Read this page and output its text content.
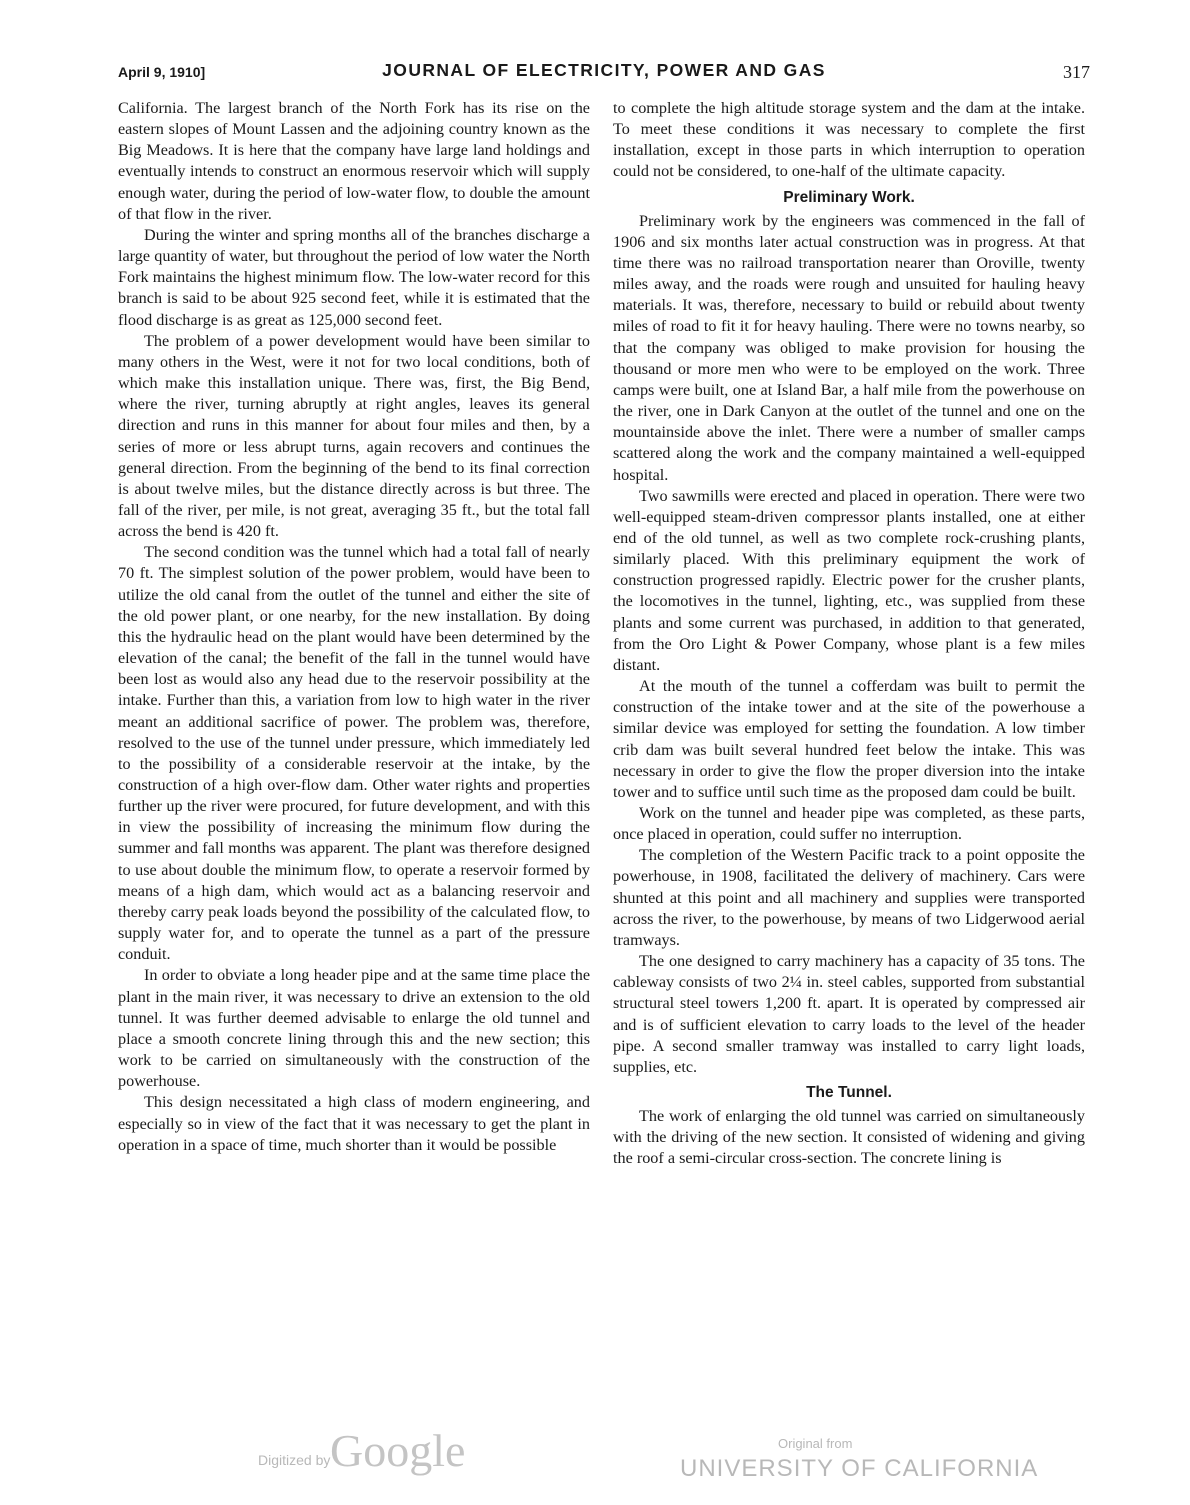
April 9, 1910]	JOURNAL OF ELECTRICITY, POWER AND GAS	317

California. The largest branch of the North Fork has its rise on the eastern slopes of Mount Lassen and the adjoining country known as the Big Meadows. It is here that the company have large land holdings and eventually intends to construct an enormous reservoir which will supply enough water, during the period of low-water flow, to double the amount of that flow in the river.

During the winter and spring months all of the branches discharge a large quantity of water, but throughout the period of low water the North Fork maintains the highest minimum flow. The low-water record for this branch is said to be about 925 second feet, while it is estimated that the flood discharge is as great as 125,000 second feet.

The problem of a power development would have been similar to many others in the West, were it not for two local conditions, both of which make this installation unique. There was, first, the Big Bend, where the river, turning abruptly at right angles, leaves its general direction and runs in this manner for about four miles and then, by a series of more or less abrupt turns, again recovers and continues the general direction. From the beginning of the bend to its final correction is about twelve miles, but the distance directly across is but three. The fall of the river, per mile, is not great, averaging 35 ft., but the total fall across the bend is 420 ft.

The second condition was the tunnel which had a total fall of nearly 70 ft. The simplest solution of the power problem, would have been to utilize the old canal from the outlet of the tunnel and either the site of the old power plant, or one nearby, for the new installation. By doing this the hydraulic head on the plant would have been determined by the elevation of the canal; the benefit of the fall in the tunnel would have been lost as would also any head due to the reservoir possibility at the intake. Further than this, a variation from low to high water in the river meant an additional sacrifice of power. The problem was, therefore, resolved to the use of the tunnel under pressure, which immediately led to the possibility of a considerable reservoir at the intake, by the construction of a high over-flow dam. Other water rights and properties further up the river were procured, for future development, and with this in view the possibility of increasing the minimum flow during the summer and fall months was apparent. The plant was therefore designed to use about double the minimum flow, to operate a reservoir formed by means of a high dam, which would act as a balancing reservoir and thereby carry peak loads beyond the possibility of the calculated flow, to supply water for, and to operate the tunnel as a part of the pressure conduit.

In order to obviate a long header pipe and at the same time place the plant in the main river, it was necessary to drive an extension to the old tunnel. It was further deemed advisable to enlarge the old tunnel and place a smooth concrete lining through this and the new section; this work to be carried on simultaneously with the construction of the powerhouse.

This design necessitated a high class of modern engineering, and especially so in view of the fact that it was necessary to get the plant in operation in a space of time, much shorter than it would be possible

to complete the high altitude storage system and the dam at the intake. To meet these conditions it was necessary to complete the first installation, except in those parts in which interruption to operation could not be considered, to one-half of the ultimate capacity.

Preliminary Work.

Preliminary work by the engineers was commenced in the fall of 1906 and six months later actual construction was in progress. At that time there was no railroad transportation nearer than Oroville, twenty miles away, and the roads were rough and unsuited for hauling heavy materials. It was, therefore, necessary to build or rebuild about twenty miles of road to fit it for heavy hauling. There were no towns nearby, so that the company was obliged to make provision for housing the thousand or more men who were to be employed on the work. Three camps were built, one at Island Bar, a half mile from the powerhouse on the river, one in Dark Canyon at the outlet of the tunnel and one on the mountainside above the inlet. There were a number of smaller camps scattered along the work and the company maintained a well-equipped hospital.

Two sawmills were erected and placed in operation. There were two well-equipped steam-driven compressor plants installed, one at either end of the old tunnel, as well as two complete rock-crushing plants, similarly placed. With this preliminary equipment the work of construction progressed rapidly. Electric power for the crusher plants, the locomotives in the tunnel, lighting, etc., was supplied from these plants and some current was purchased, in addition to that generated, from the Oro Light & Power Company, whose plant is a few miles distant.

At the mouth of the tunnel a cofferdam was built to permit the construction of the intake tower and at the site of the powerhouse a similar device was employed for setting the foundation. A low timber crib dam was built several hundred feet below the intake. This was necessary in order to give the flow the proper diversion into the intake tower and to suffice until such time as the proposed dam could be built.

Work on the tunnel and header pipe was completed, as these parts, once placed in operation, could suffer no interruption.

The completion of the Western Pacific track to a point opposite the powerhouse, in 1908, facilitated the delivery of machinery. Cars were shunted at this point and all machinery and supplies were transported across the river, to the powerhouse, by means of two Lidgerwood aerial tramways.

The one designed to carry machinery has a capacity of 35 tons. The cableway consists of two 2¼ in. steel cables, supported from substantial structural steel towers 1,200 ft. apart. It is operated by compressed air and is of sufficient elevation to carry loads to the level of the header pipe. A second smaller tramway was installed to carry light loads, supplies, etc.

The Tunnel.

The work of enlarging the old tunnel was carried on simultaneously with the driving of the new section. It consisted of widening and giving the roof a semi-circular cross-section. The concrete lining is

Digitized by Google	Original from
UNIVERSITY OF CALIFORNIA
